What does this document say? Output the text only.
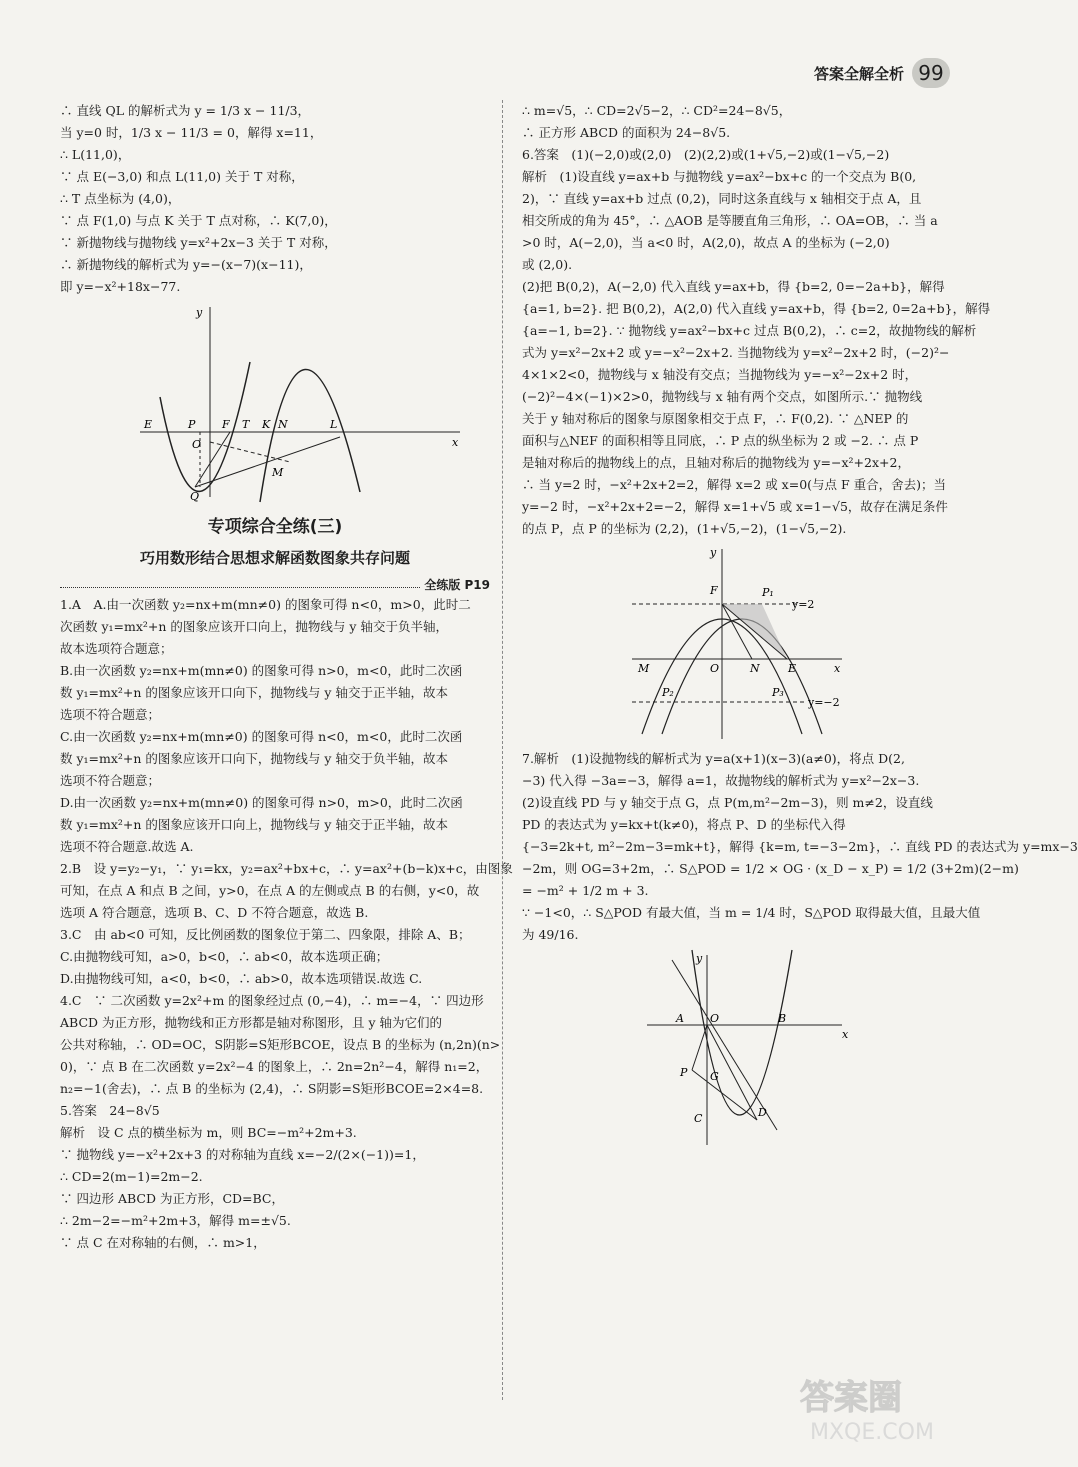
答案全解全析 99
∴ 直线 QL 的解析式为 y = 1/3 x − 11/3，
当 y=0 时，1/3 x − 11/3 = 0，解得 x=11，
∴ L(11,0)，
∵ 点 E(−3,0) 和点 L(11,0) 关于 T 对称，
∴ T 点坐标为 (4,0)，
∵ 点 F(1,0) 与点 K 关于 T 点对称，∴ K(7,0)，
∵ 新抛物线与抛物线 y=x²+2x−3 关于 T 对称，
∴ 新抛物线的解析式为 y=−(x−7)(x−11)，
即 y=−x²+18x−77.
y
E	P
O
F T K N	L
x
M
Q
专项综合全练(三)
巧用数形结合思想求解函数图象共存问题
全练版 P19
1.A　A.由一次函数 y₂=nx+m(mn≠0) 的图象可得 n<0，m>0，此时二
次函数 y₁=mx²+n 的图象应该开口向上，抛物线与 y 轴交于负半轴，
故本选项符合题意；
B.由一次函数 y₂=nx+m(mn≠0) 的图象可得 n>0，m<0，此时二次函
数 y₁=mx²+n 的图象应该开口向下，抛物线与 y 轴交于正半轴，故本
选项不符合题意；
C.由一次函数 y₂=nx+m(mn≠0) 的图象可得 n<0，m<0，此时二次函
数 y₁=mx²+n 的图象应该开口向下，抛物线与 y 轴交于负半轴，故本
选项不符合题意；
D.由一次函数 y₂=nx+m(mn≠0) 的图象可得 n>0，m>0，此时二次函
数 y₁=mx²+n 的图象应该开口向上，抛物线与 y 轴交于正半轴，故本
选项不符合题意.故选 A.
2.B　设 y=y₂−y₁，∵ y₁=kx，y₂=ax²+bx+c，∴ y=ax²+(b−k)x+c，由图象
可知，在点 A 和点 B 之间，y>0，在点 A 的左侧或点 B 的右侧，y<0，故
选项 A 符合题意，选项 B、C、D 不符合题意，故选 B.
3.C　由 ab<0 可知，反比例函数的图象位于第二、四象限，排除 A、B；
C.由抛物线可知，a>0，b<0，∴ ab<0，故本选项正确；
D.由抛物线可知，a<0，b<0，∴ ab>0，故本选项错误.故选 C.
4.C　∵ 二次函数 y=2x²+m 的图象经过点 (0,−4)，∴ m=−4，∵ 四边形
ABCD 为正方形，抛物线和正方形都是轴对称图形，且 y 轴为它们的
公共对称轴，∴ OD=OC，S阴影=S矩形BCOE，设点 B 的坐标为 (n,2n)(n>
0)，∵ 点 B 在二次函数 y=2x²−4 的图象上，∴ 2n=2n²−4，解得 n₁=2，
n₂=−1(舍去)，∴ 点 B 的坐标为 (2,4)，∴ S阴影=S矩形BCOE=2×4=8.
5.答案　24−8√5
解析　设 C 点的横坐标为 m，则 BC=−m²+2m+3.
∵ 抛物线 y=−x²+2x+3 的对称轴为直线 x=−2/(2×(−1))=1，
∴ CD=2(m−1)=2m−2.
∵ 四边形 ABCD 为正方形，CD=BC，
∴ 2m−2=−m²+2m+3，解得 m=±√5.
∵ 点 C 在对称轴的右侧，∴ m>1，
∴ m=√5，∴ CD=2√5−2，∴ CD²=24−8√5，
∴ 正方形 ABCD 的面积为 24−8√5.
6.答案　(1)(−2,0)或(2,0)　(2)(2,2)或(1+√5,−2)或(1−√5,−2)
解析　(1)设直线 y=ax+b 与抛物线 y=ax²−bx+c 的一个交点为 B(0,
2)，∵ 直线 y=ax+b 过点 (0,2)，同时这条直线与 x 轴相交于点 A，且
相交所成的角为 45°，∴ △AOB 是等腰直角三角形，∴ OA=OB，∴ 当 a
>0 时，A(−2,0)，当 a<0 时，A(2,0)，故点 A 的坐标为 (−2,0)
或 (2,0).
(2)把 B(0,2)，A(−2,0) 代入直线 y=ax+b，得 {b=2, 0=−2a+b}，解得
{a=1, b=2}. 把 B(0,2)，A(2,0) 代入直线 y=ax+b，得 {b=2, 0=2a+b}，解得
{a=−1, b=2}. ∵ 抛物线 y=ax²−bx+c 过点 B(0,2)，∴ c=2，故抛物线的解析
式为 y=x²−2x+2 或 y=−x²−2x+2. 当抛物线为 y=x²−2x+2 时，(−2)²−
4×1×2<0，抛物线与 x 轴没有交点；当抛物线为 y=−x²−2x+2 时，
(−2)²−4×(−1)×2>0，抛物线与 x 轴有两个交点，如图所示.∵ 抛物线
关于 y 轴对称后的图象与原图象相交于点 F，∴ F(0,2). ∵ △NEP 的
面积与△NEF 的面积相等且同底，∴ P 点的纵坐标为 2 或 −2. ∴ 点 P
是轴对称后的抛物线上的点，且轴对称后的抛物线为 y=−x²+2x+2，
∴ 当 y=2 时，−x²+2x+2=2，解得 x=2 或 x=0(与点 F 重合，舍去)；当
y=−2 时，−x²+2x+2=−2，解得 x=1+√5 或 x=1−√5，故存在满足条件
的点 P，点 P 的坐标为 (2,2)，(1+√5,−2)，(1−√5,−2).
y
F	P₁
y=2
M	O	N	E	x
P₂	P₃
y=−2
7.解析　(1)设抛物线的解析式为 y=a(x+1)(x−3)(a≠0)，将点 D(2,
−3) 代入得 −3a=−3，解得 a=1，故抛物线的解析式为 y=x²−2x−3.
(2)设直线 PD 与 y 轴交于点 G，点 P(m,m²−2m−3)，则 m≠2，设直线
PD 的表达式为 y=kx+t(k≠0)，将点 P、D 的坐标代入得
{−3=2k+t, m²−2m−3=mk+t}，解得 {k=m, t=−3−2m}，∴ 直线 PD 的表达式为 y=mx−3
−2m，则 OG=3+2m，∴ S△POD = 1/2 × OG · (x_D − x_P) = 1/2 (3+2m)(2−m)
= −m² + 1/2 m + 3.
∵ −1<0，∴ S△POD 有最大值，当 m = 1/4 时，S△POD 取得最大值，且最大值
为 49/16.
y
A O	B
x
P G
C	D
答案圈
MXQE.COM
